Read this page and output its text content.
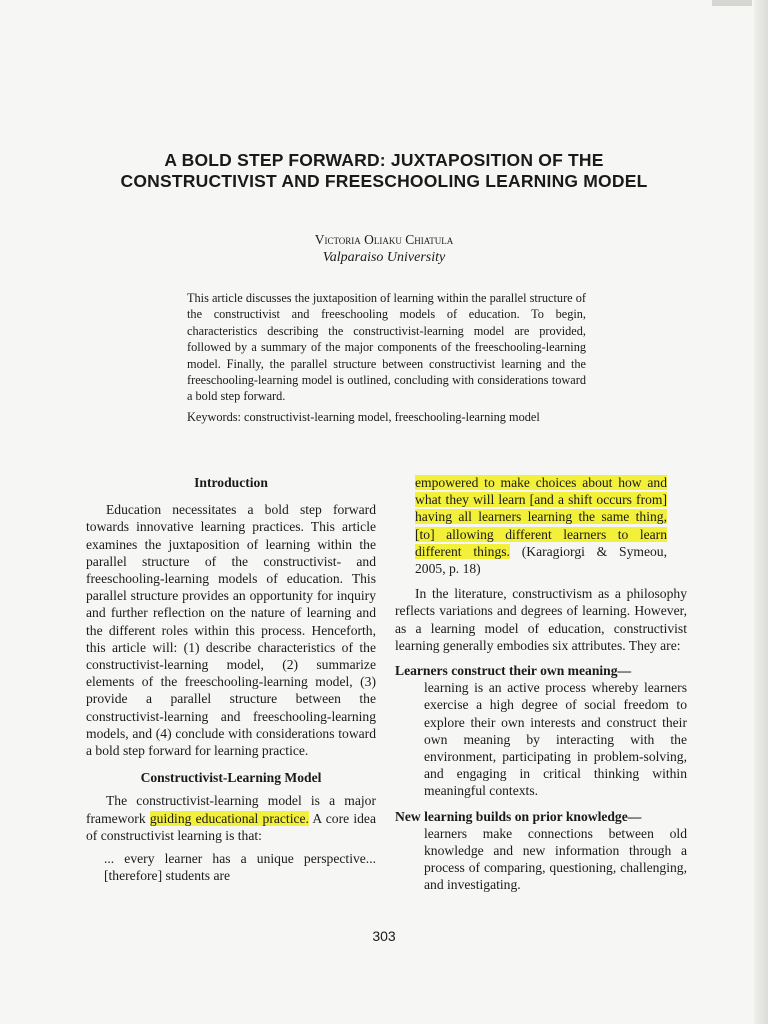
A BOLD STEP FORWARD: JUXTAPOSITION OF THE CONSTRUCTIVIST AND FREESCHOOLING LEARNING MODEL
Victoria Oliaku Chiatula
Valparaiso University

This article discusses the juxtaposition of learning within the parallel structure of the constructivist and freeschooling models of education. To begin, characteristics describing the constructivist-learning model are provided, followed by a summary of the major components of the freeschooling-learning model. Finally, the parallel structure between constructivist learning and the freeschooling-learning model is outlined, concluding with considerations toward a bold step forward.

Keywords: constructivist-learning model, freeschooling-learning model

Introduction

Education necessitates a bold step forward towards innovative learning practices. This article examines the juxtaposition of learning within the parallel structure of the constructivist- and freeschooling-learning models of education. This parallel structure provides an opportunity for inquiry and further reflection on the nature of learning and the different roles within this process. Henceforth, this article will: (1) describe characteristics of the constructivist-learning model, (2) summarize elements of the freeschooling-learning model, (3) provide a parallel structure between the constructivist-learning and freeschooling-learning models, and (4) conclude with considerations toward a bold step forward for learning practice.

Constructivist-Learning Model

The constructivist-learning model is a major framework guiding educational practice. A core idea of constructivist learning is that:

... every learner has a unique perspective... [therefore] students are

empowered to make choices about how and what they will learn [and a shift occurs from] having all learners learning the same thing, [to] allowing different learners to learn different things. (Karagiorgi & Symeou, 2005, p. 18)

In the literature, constructivism as a philosophy reflects variations and degrees of learning. However, as a learning model of education, constructivist learning generally embodies six attributes. They are:

Learners construct their own meaning—
learning is an active process whereby learners exercise a high degree of social freedom to explore their own interests and construct their own meaning by interacting with the environment, participating in problem-solving, and engaging in critical thinking within meaningful contexts.
New learning builds on prior knowledge—
learners make connections between old knowledge and new information through a process of comparing, questioning, challenging, and investigating.
303
